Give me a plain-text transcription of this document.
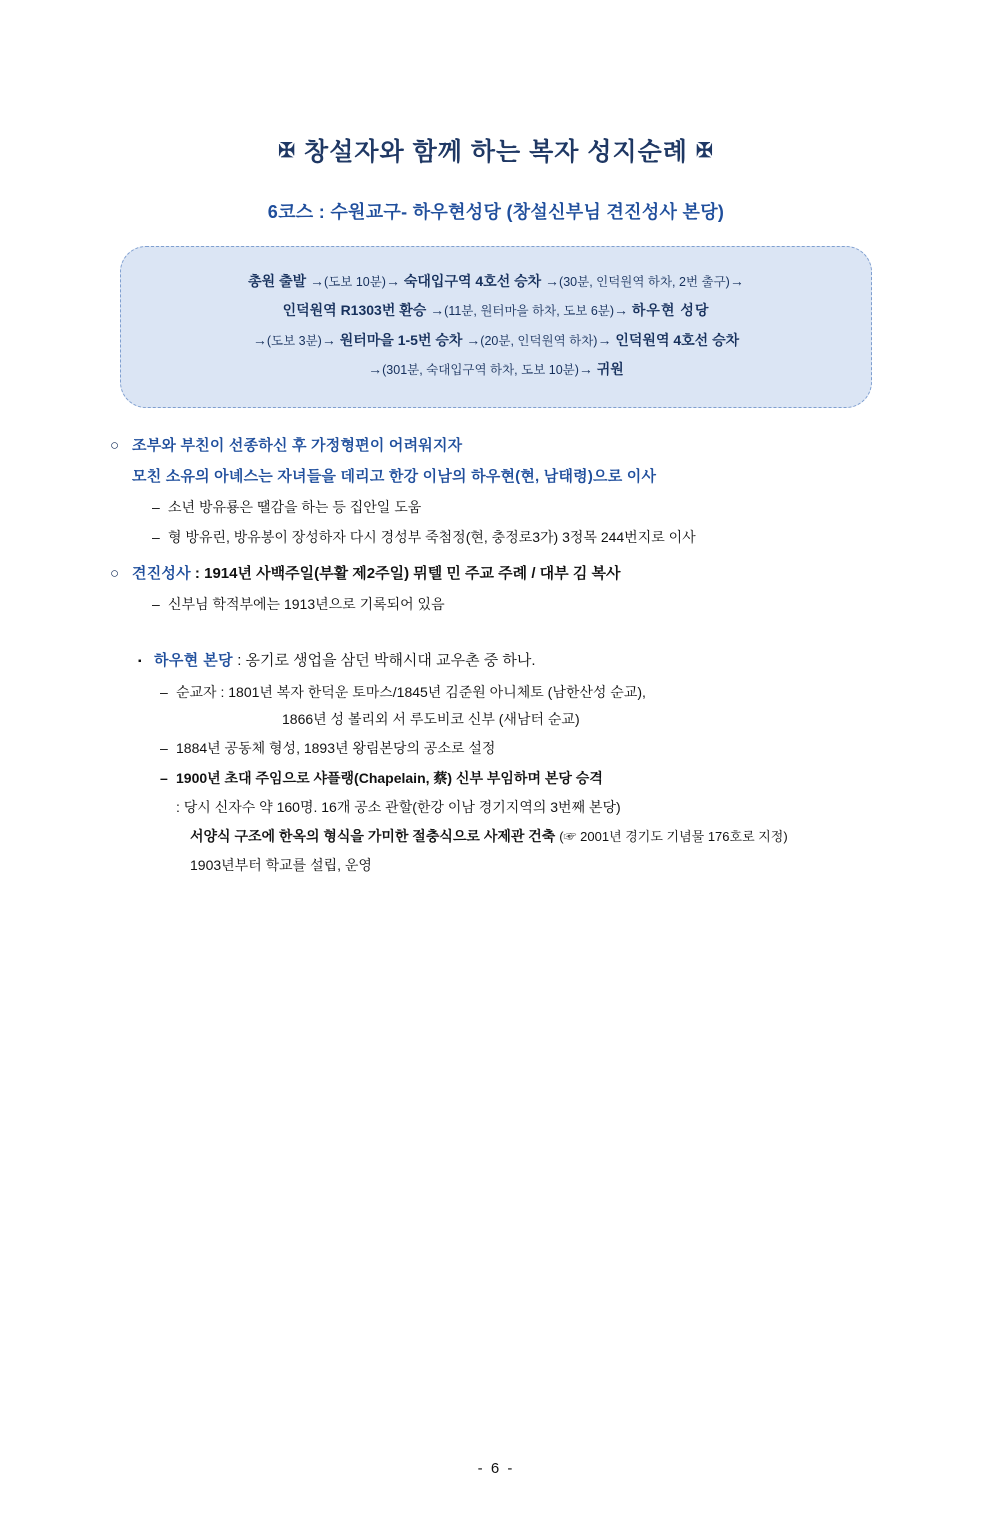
✠ 창설자와 함께 하는 복자 성지순례 ✠
6코스 : 수원교구- 하우현성당 (창설신부님 견진성사 본당)
총원 출발 →(도보 10분)→ 숙대입구역 4호선 승차 →(30분, 인덕원역 하차, 2번 출구)→
인덕원역 R1303번 환승 →(11분, 원터마을 하차, 도보 6분)→ 하우현 성당
→(도보 3분)→ 원터마을 1-5번 승차 →(20분, 인덕원역 하차)→ 인덕원역 4호선 승차
→(301분, 숙대입구역 하차, 도보 10분)→ 귀원
○ 조부와 부친이 선종하신 후 가정형편이 어려워지자
모친 소유의 아녜스는 자녀들을 데리고 한강 이남의 하우현(현, 남태령)으로 이사
– 소년 방유룡은 땔감을 하는 등 집안일 도움
– 형 방유린, 방유봉이 장성하자 다시 경성부 죽첨정(현, 충정로3가) 3정목 244번지로 이사
○ 견진성사 : 1914년 사백주일(부활 제2주일) 뮈텔 민 주교 주례 / 대부 김 복사
– 신부님 학적부에는 1913년으로 기록되어 있음
▪ 하우현 본당 : 옹기로 생업을 삼던 박해시대 교우촌 중 하나.
– 순교자 : 1801년 복자 한덕운 토마스/1845년 김준원 아니체토 (남한산성 순교),
1866년 성 볼리외 서 루도비코 신부 (새남터 순교)
– 1884년 공동체 형성, 1893년 왕림본당의 공소로 설정
– 1900년 초대 주임으로 샤플랭(Chapelain, 蔡) 신부 부임하며 본당 승격
: 당시 신자수 약 160명. 16개 공소 관할(한강 이남 경기지역의 3번째 본당)
서양식 구조에 한옥의 형식을 가미한 절충식으로 사제관 건축 (☞ 2001년 경기도 기념물 176호로 지정)
1903년부터 학교를 설립, 운영
- 6 -
